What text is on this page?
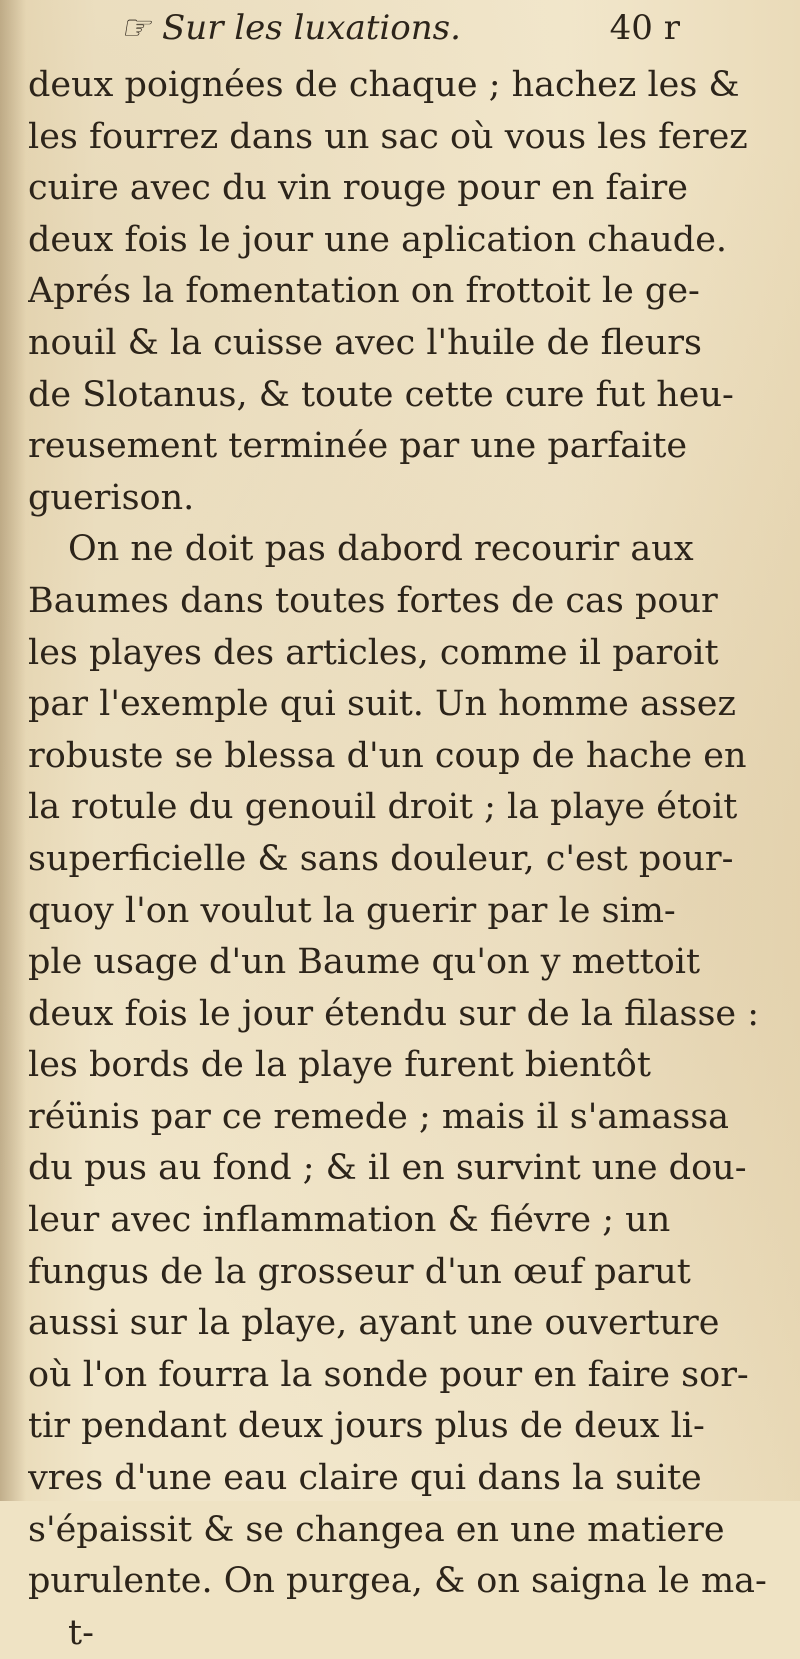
☞ Sur les luxations.	40 r
deux poignées de chaque ; hachez les &
les fourrez dans un sac où vous les ferez
cuire avec du vin rouge pour en faire
deux fois le jour une aplication chaude.
Aprés la fomentation on frottoit le ge-
nouil & la cuisse avec l'huile de fleurs
de Slotanus, & toute cette cure fut heu-
reusement terminée par une parfaite
guerison.
On ne doit pas dabord recourir aux
Baumes dans toutes fortes de cas pour
les playes des articles, comme il paroit
par l'exemple qui suit. Un homme assez
robuste se blessa d'un coup de hache en
la rotule du genouil droit ; la playe étoit
superficielle & sans douleur, c'est pour-
quoy l'on voulut la guerir par le sim-
ple usage d'un Baume qu'on y mettoit
deux fois le jour étendu sur de la filasse :
les bords de la playe furent bientôt
réünis par ce remede ; mais il s'amassa
du pus au fond ; & il en survint une dou-
leur avec inflammation & fiévre ; un
fungus de la grosseur d'un œuf parut
aussi sur la playe, ayant une ouverture
où l'on fourra la sonde pour en faire sor-
tir pendant deux jours plus de deux li-
vres d'une eau claire qui dans la suite
s'épaissit & se changea en une matiere
purulente. On purgea, & on saigna le ma-
t-
